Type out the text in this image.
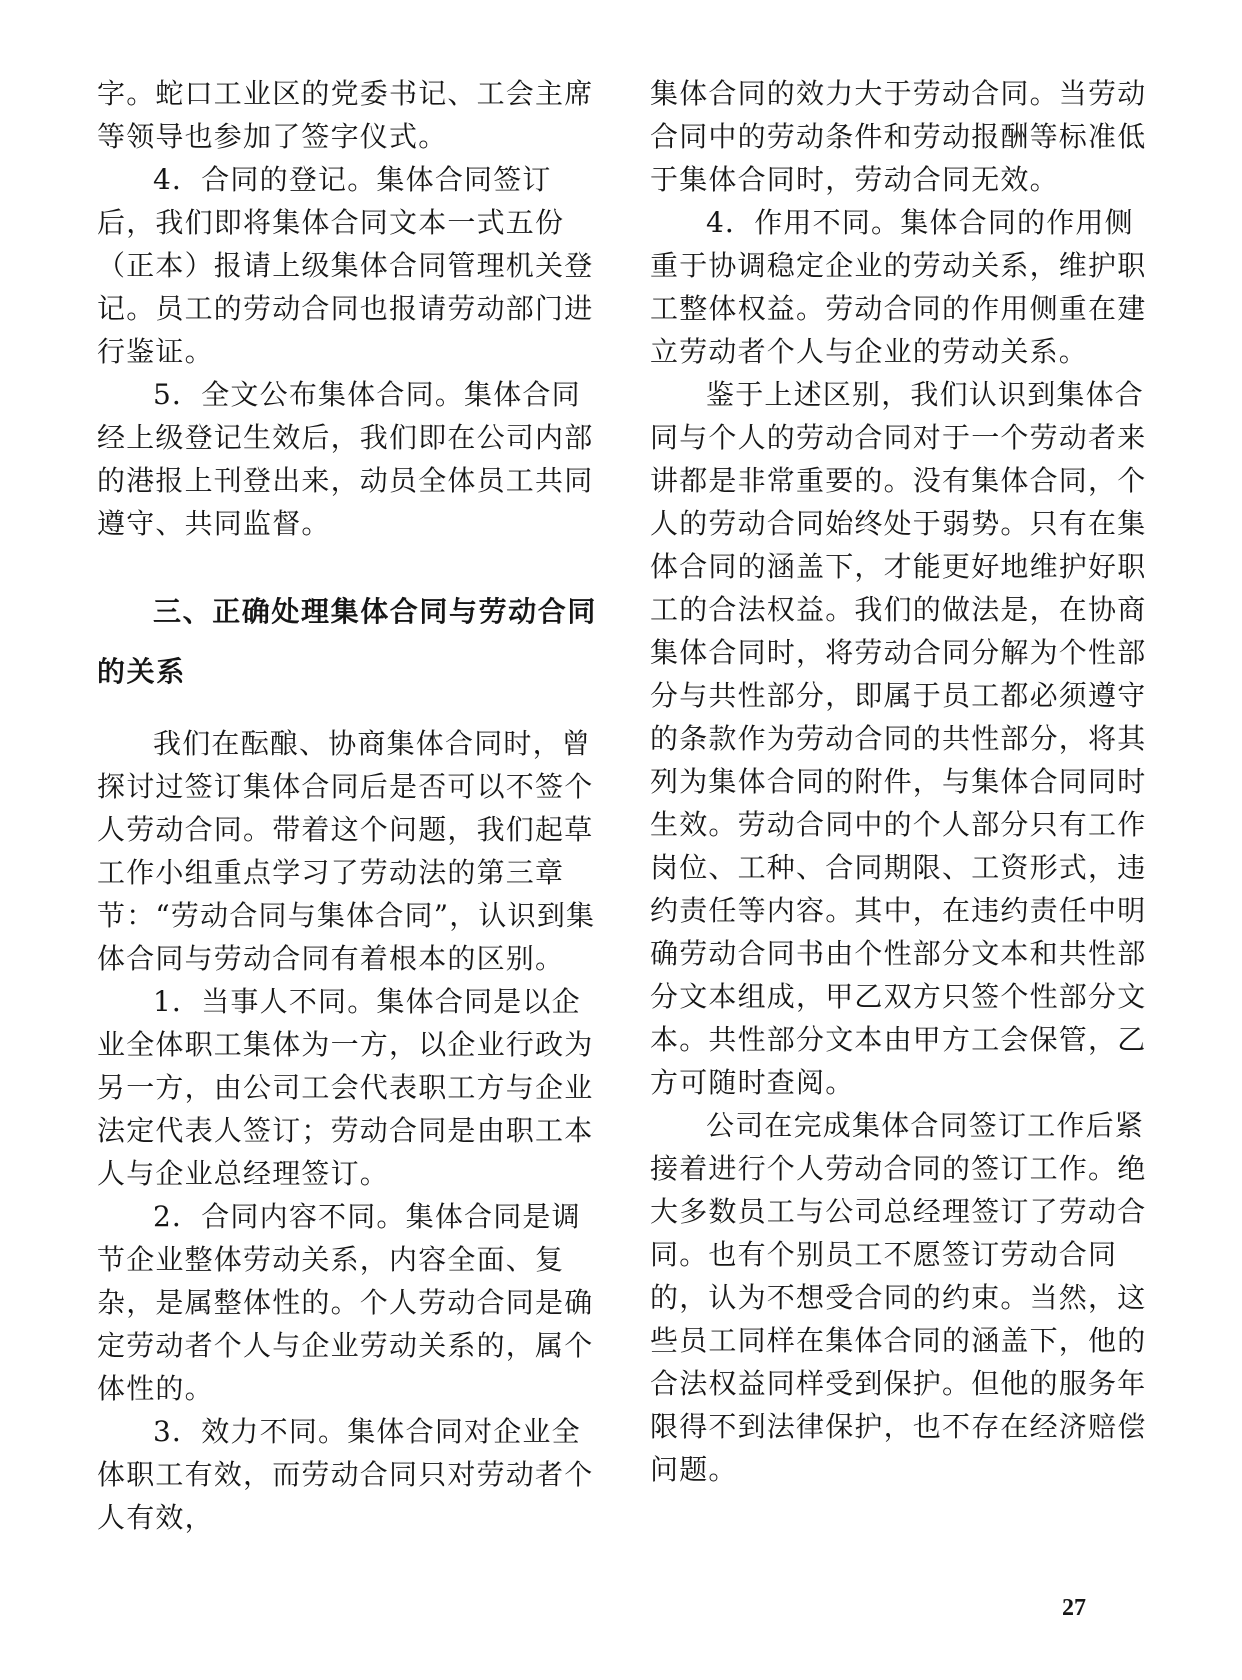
字。蛇口工业区的党委书记、工会主席等领导也参加了签字仪式。

4．合同的登记。集体合同签订后，我们即将集体合同文本一式五份（正本）报请上级集体合同管理机关登记。员工的劳动合同也报请劳动部门进行鉴证。

5．全文公布集体合同。集体合同经上级登记生效后，我们即在公司内部的港报上刊登出来，动员全体员工共同遵守、共同监督。

三、正确处理集体合同与劳动合同的关系

我们在酝酿、协商集体合同时，曾探讨过签订集体合同后是否可以不签个人劳动合同。带着这个问题，我们起草工作小组重点学习了劳动法的第三章节：“劳动合同与集体合同”，认识到集体合同与劳动合同有着根本的区别。

1．当事人不同。集体合同是以企业全体职工集体为一方，以企业行政为另一方，由公司工会代表职工方与企业法定代表人签订；劳动合同是由职工本人与企业总经理签订。

2．合同内容不同。集体合同是调节企业整体劳动关系，内容全面、复杂，是属整体性的。个人劳动合同是确定劳动者个人与企业劳动关系的，属个体性的。

3．效力不同。集体合同对企业全体职工有效，而劳动合同只对劳动者个人有效，

集体合同的效力大于劳动合同。当劳动合同中的劳动条件和劳动报酬等标准低于集体合同时，劳动合同无效。

4．作用不同。集体合同的作用侧重于协调稳定企业的劳动关系，维护职工整体权益。劳动合同的作用侧重在建立劳动者个人与企业的劳动关系。

鉴于上述区别，我们认识到集体合同与个人的劳动合同对于一个劳动者来讲都是非常重要的。没有集体合同，个人的劳动合同始终处于弱势。只有在集体合同的涵盖下，才能更好地维护好职工的合法权益。我们的做法是，在协商集体合同时，将劳动合同分解为个性部分与共性部分，即属于员工都必须遵守的条款作为劳动合同的共性部分，将其列为集体合同的附件，与集体合同同时生效。劳动合同中的个人部分只有工作岗位、工种、合同期限、工资形式，违约责任等内容。其中，在违约责任中明确劳动合同书由个性部分文本和共性部分文本组成，甲乙双方只签个性部分文本。共性部分文本由甲方工会保管，乙方可随时查阅。

公司在完成集体合同签订工作后紧接着进行个人劳动合同的签订工作。绝大多数员工与公司总经理签订了劳动合同。也有个别员工不愿签订劳动合同的，认为不想受合同的约束。当然，这些员工同样在集体合同的涵盖下，他的合法权益同样受到保护。但他的服务年限得不到法律保护，也不存在经济赔偿问题。

27
